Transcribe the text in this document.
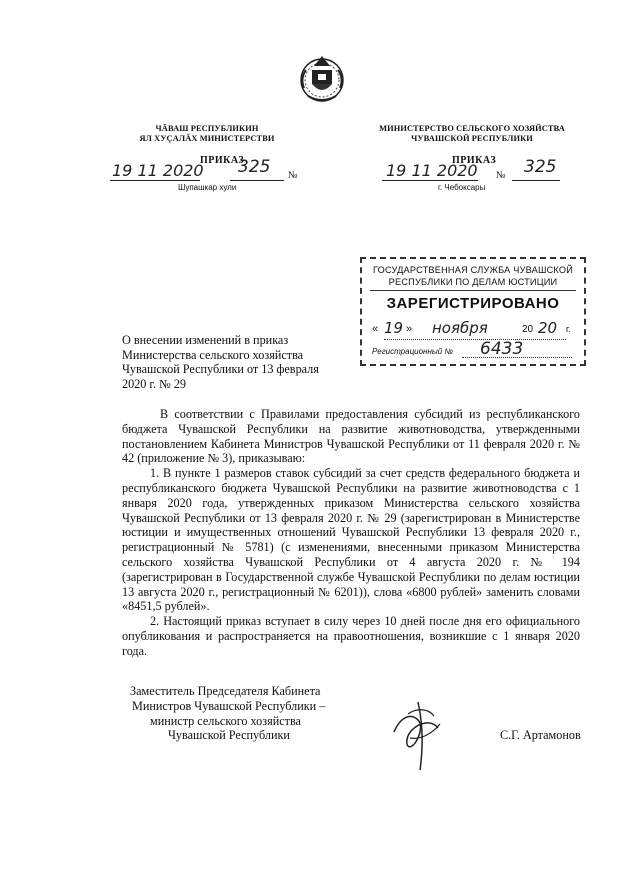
ЧĂВАШ РЕСПУБЛИКИН
ЯЛ ХУÇАЛĂХ МИНИСТЕРСТВИ
ПРИКАЗ
19 11 2020 325 №
Шупашкар хули
МИНИСТЕРСТВО СЕЛЬСКОГО ХОЗЯЙСТВА
ЧУВАШСКОЙ РЕСПУБЛИКИ
ПРИКАЗ
19 11 2020 № 325
г. Чебоксары
ГОСУДАРСТВЕННАЯ СЛУЖБА ЧУВАШСКОЙ
РЕСПУБЛИКИ ПО ДЕЛАМ ЮСТИЦИИ
ЗАРЕГИСТРИРОВАНО
« 19 » ноября	20 20 г.
Регистрационный № 6433
О внесении изменений в приказ
Министерства сельского хозяйства
Чувашской Республики от 13 февраля
2020 г. № 29

В соответствии с Правилами предоставления субсидий из республиканского бюджета Чувашской Республики на развитие животноводства, утвержденными постановлением Кабинета Министров Чувашской Республики от 11 февраля 2020 г. № 42 (приложение № 3), приказываю:

1. В пункте 1 размеров ставок субсидий за счет средств федерального бюджета и республиканского бюджета Чувашской Республики на развитие животноводства с 1 января 2020 года, утвержденных приказом Министерства сельского хозяйства Чувашской Республики от 13 февраля 2020 г. № 29 (зарегистрирован в Министерстве юстиции и имущественных отношений Чувашской Республики 13 февраля 2020 г., регистрационный № 5781) (с изменениями, внесенными приказом Министерства сельского хозяйства Чувашской Республики от 4 августа 2020 г. № 194 (зарегистрирован в Государственной службе Чувашской Республики по делам юстиции 13 августа 2020 г., регистрационный № 6201)), слова «6800 рублей» заменить словами «8451,5 рублей».

2. Настоящий приказ вступает в силу через 10 дней после дня его официального опубликования и распространяется на правоотношения, возникшие с 1 января 2020 года.

Заместитель Председателя Кабинета
Министров Чувашской Республики –
министр сельского хозяйства
Чувашской Республики	С.Г. Артамонов
